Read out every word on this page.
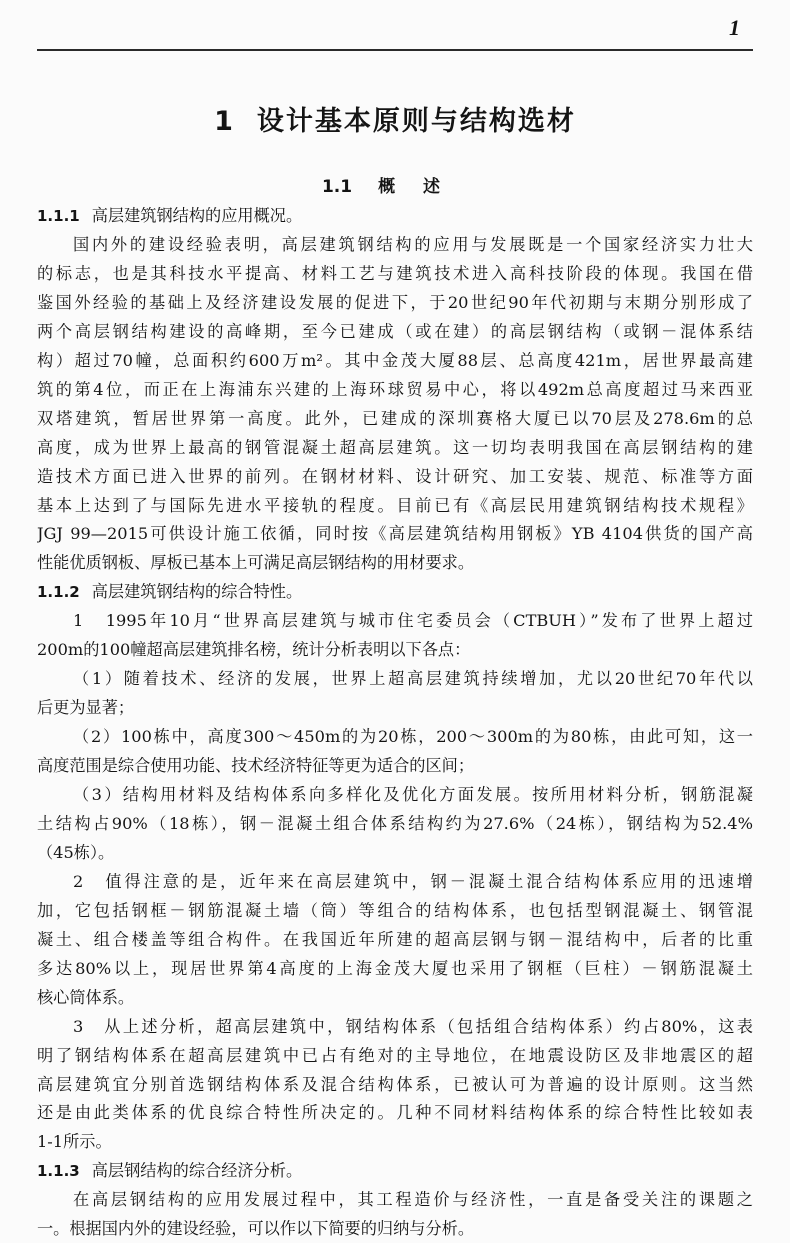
1
1 设计基本原则与结构选材
1.1 概述
1.1.1 高层建筑钢结构的应用概况。
国内外的建设经验表明，高层建筑钢结构的应用与发展既是一个国家经济实力壮大
的标志，也是其科技水平提高、材料工艺与建筑技术进入高科技阶段的体现。我国在借
鉴国外经验的基础上及经济建设发展的促进下，于20世纪90年代初期与末期分别形成了
两个高层钢结构建设的高峰期，至今已建成（或在建）的高层钢结构（或钢－混体系结
构）超过70幢，总面积约600万m²。其中金茂大厦88层、总高度421m，居世界最高建
筑的第4位，而正在上海浦东兴建的上海环球贸易中心，将以492m总高度超过马来西亚
双塔建筑，暂居世界第一高度。此外，已建成的深圳赛格大厦已以70层及278.6m的总
高度，成为世界上最高的钢管混凝土超高层建筑。这一切均表明我国在高层钢结构的建
造技术方面已进入世界的前列。在钢材材料、设计研究、加工安装、规范、标准等方面
基本上达到了与国际先进水平接轨的程度。目前已有《高层民用建筑钢结构技术规程》
JGJ 99—2015可供设计施工依循，同时按《高层建筑结构用钢板》YB 4104供货的国产高
性能优质钢板、厚板已基本上可满足高层钢结构的用材要求。
1.1.2 高层建筑钢结构的综合特性。
1　1995年10月“世界高层建筑与城市住宅委员会（CTBUH）”发布了世界上超过
200m的100幢超高层建筑排名榜，统计分析表明以下各点：
（1）随着技术、经济的发展，世界上超高层建筑持续增加，尤以20世纪70年代以
后更为显著；
（2）100栋中，高度300～450m的为20栋，200～300m的为80栋，由此可知，这一
高度范围是综合使用功能、技术经济特征等更为适合的区间；
（3）结构用材料及结构体系向多样化及优化方面发展。按所用材料分析，钢筋混凝
土结构占90%（18栋），钢－混凝土组合体系结构约为27.6%（24栋），钢结构为52.4%
（45栋）。
2　值得注意的是，近年来在高层建筑中，钢－混凝土混合结构体系应用的迅速增
加，它包括钢框－钢筋混凝土墙（筒）等组合的结构体系，也包括型钢混凝土、钢管混
凝土、组合楼盖等组合构件。在我国近年所建的超高层钢与钢－混结构中，后者的比重
多达80%以上，现居世界第4高度的上海金茂大厦也采用了钢框（巨柱）－钢筋混凝土
核心筒体系。
3　从上述分析，超高层建筑中，钢结构体系（包括组合结构体系）约占80%，这表
明了钢结构体系在超高层建筑中已占有绝对的主导地位，在地震设防区及非地震区的超
高层建筑宜分别首选钢结构体系及混合结构体系，已被认可为普遍的设计原则。这当然
还是由此类体系的优良综合特性所决定的。几种不同材料结构体系的综合特性比较如表
1-1所示。
1.1.3 高层钢结构的综合经济分析。
在高层钢结构的应用发展过程中，其工程造价与经济性，一直是备受关注的课题之
一。根据国内外的建设经验，可以作以下简要的归纳与分析。
